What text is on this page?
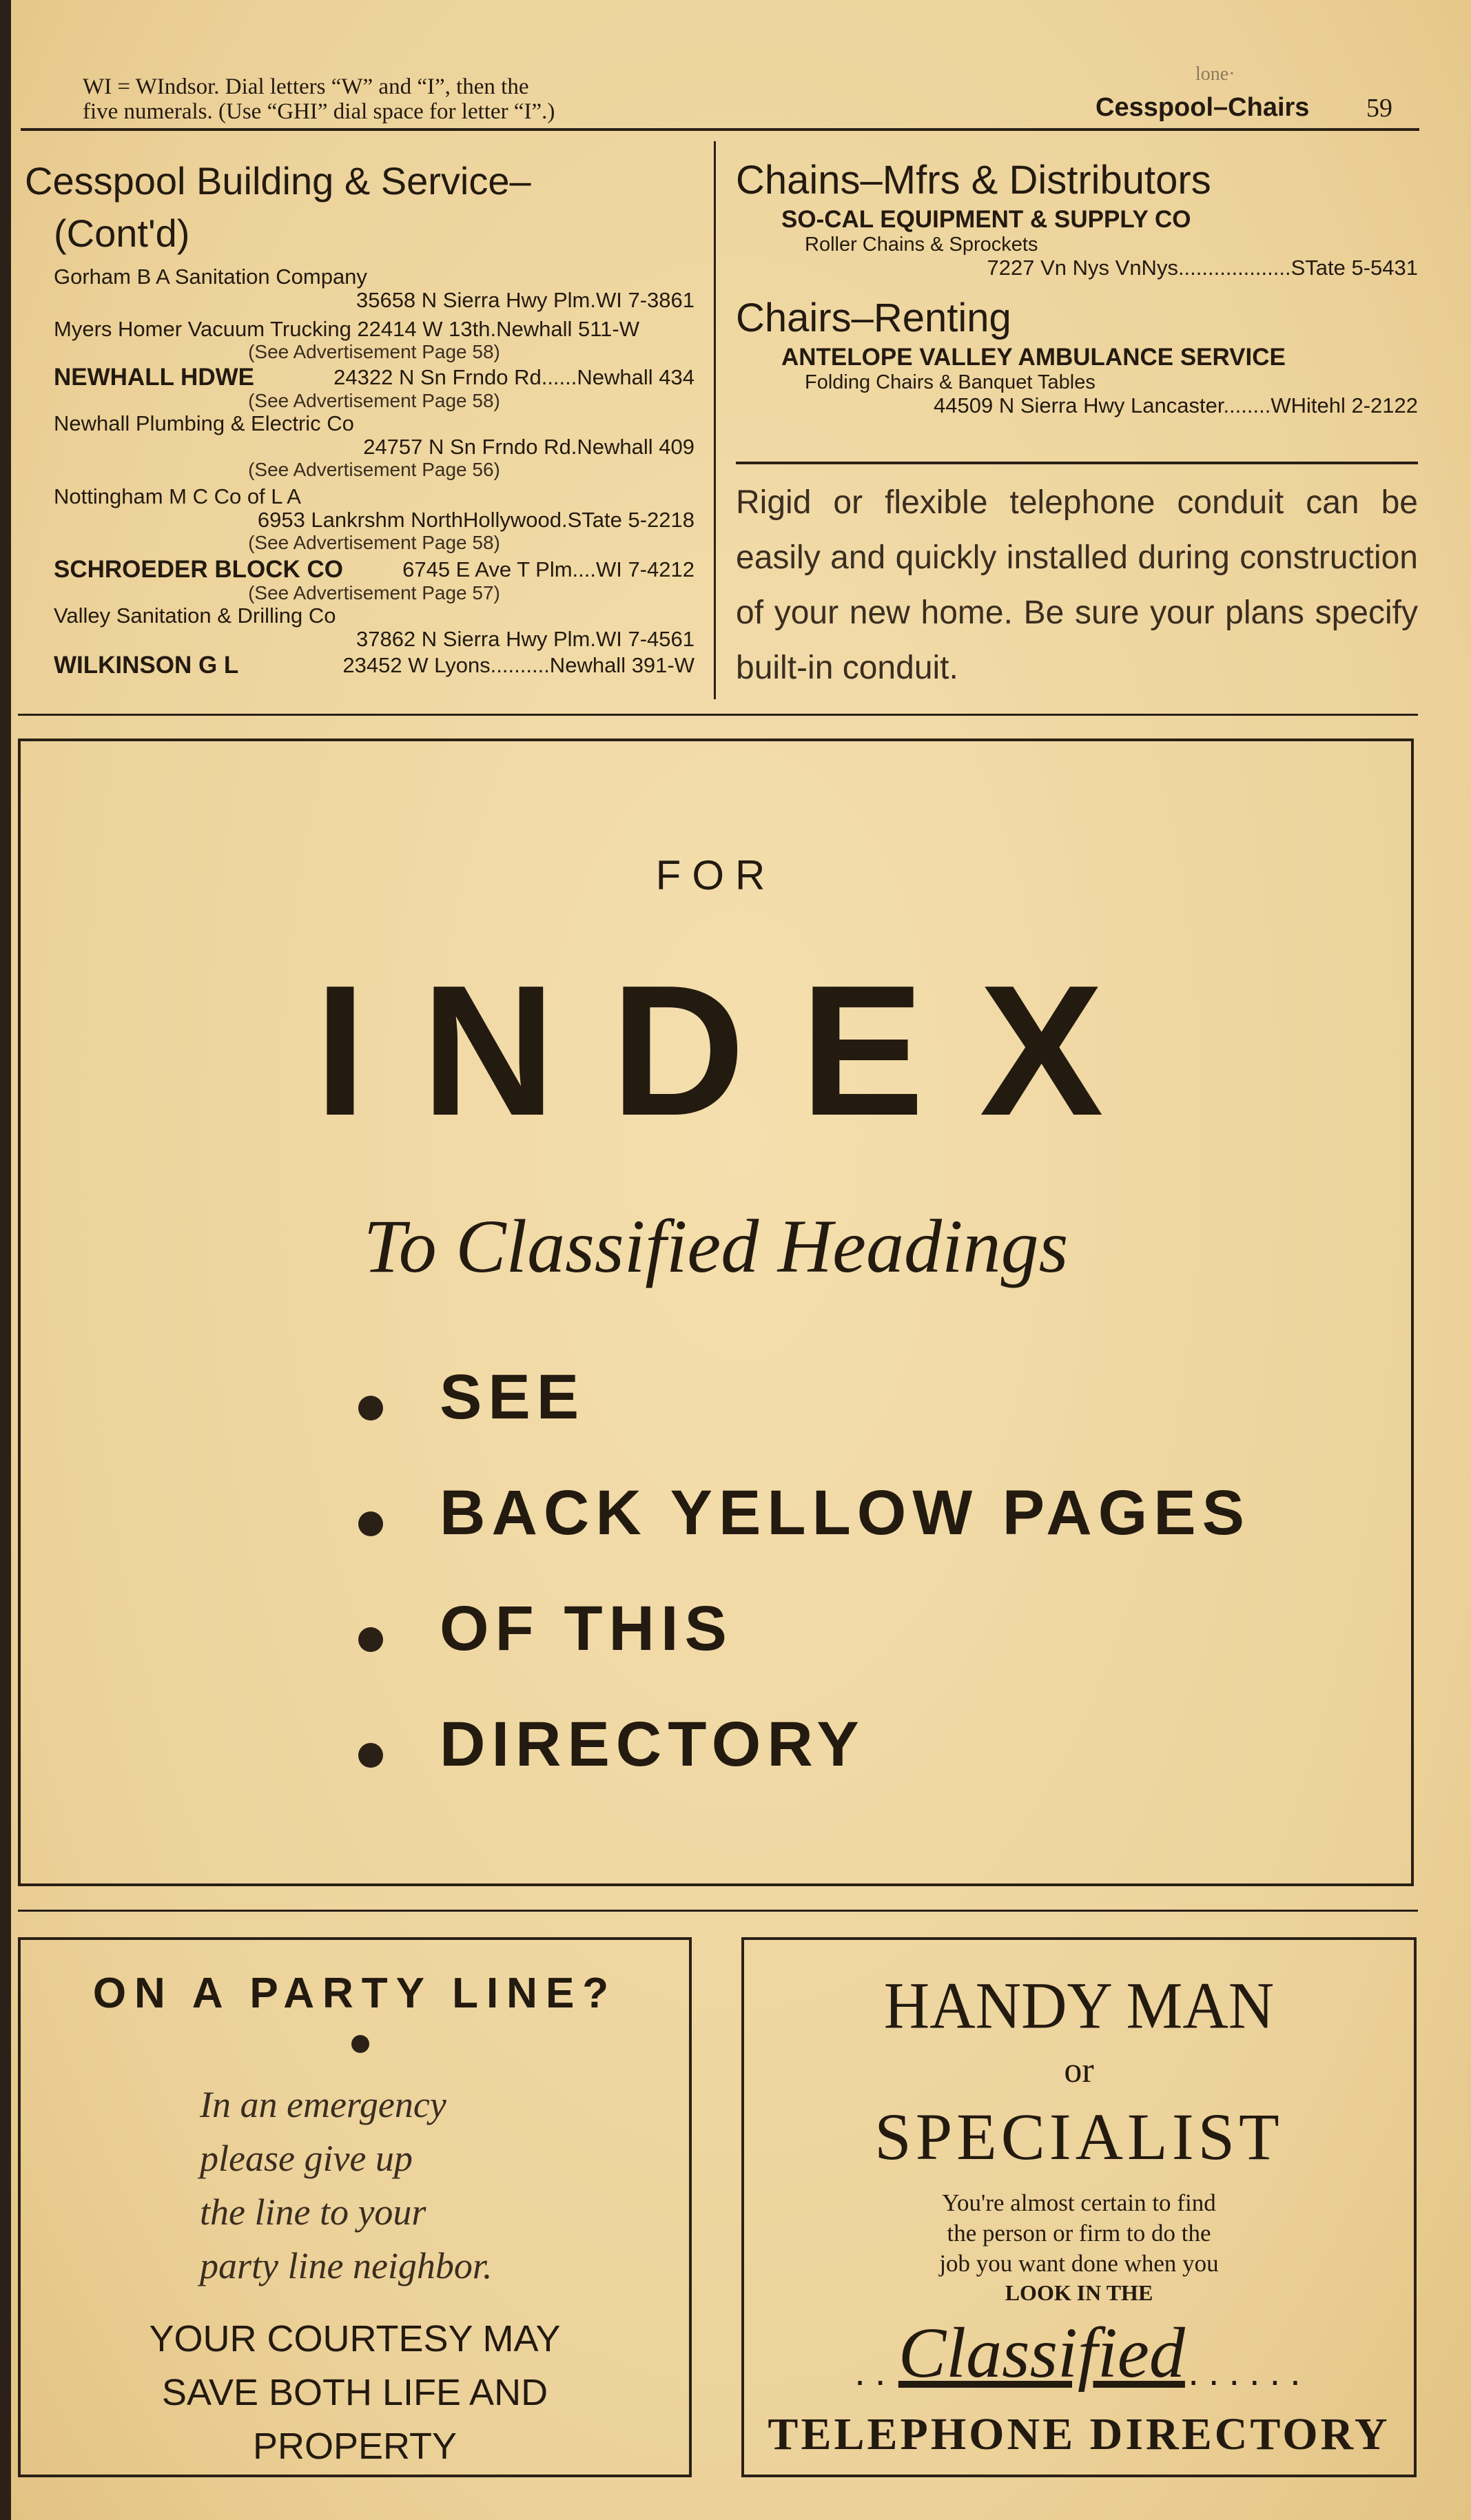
WI = WIndsor. Dial letters “W” and “I”, then the
five numerals. (Use “GHI” dial space for letter “I”.)
lone·
Cesspool–Chairs 59
Cesspool Building & Service–
(Cont'd)
Gorham B A Sanitation Company
35658 N Sierra Hwy Plm.WI 7-3861
Myers Homer Vacuum Trucking 22414 W 13th.Newhall 511-W
(See Advertisement Page 58)
NEWHALL HDWE	24322 N Sn Frndo Rd......Newhall 434
(See Advertisement Page 58)
Newhall Plumbing & Electric Co
24757 N Sn Frndo Rd.Newhall 409
(See Advertisement Page 56)
Nottingham M C Co of L A
6953 Lankrshm NorthHollywood.STate 5-2218
(See Advertisement Page 58)
SCHROEDER BLOCK CO	6745 E Ave T Plm....WI 7-4212
(See Advertisement Page 57)
Valley Sanitation & Drilling Co
37862 N Sierra Hwy Plm.WI 7-4561
WILKINSON G L	23452 W Lyons..........Newhall 391-W
Chains–Mfrs & Distributors
SO-CAL EQUIPMENT & SUPPLY CO
Roller Chains & Sprockets
7227 Vn Nys VnNys...................STate 5-5431
Chairs–Renting
ANTELOPE VALLEY AMBULANCE SERVICE
Folding Chairs & Banquet Tables
44509 N Sierra Hwy Lancaster........WHitehl 2-2122
Rigid or flexible telephone conduit can be easily and quickly installed during construction of your new home. Be sure your plans specify built-in conduit.
FOR
INDEX
To Classified Headings
SEE
BACK YELLOW PAGES
OF THIS
DIRECTORY
ON A PARTY LINE?
In an emergency
please give up
the line to your
party line neighbor.
YOUR COURTESY MAY
SAVE BOTH LIFE AND
PROPERTY
HANDY MAN
or
SPECIALIST
You're almost certain to find
the person or firm to do the
job you want done when you
LOOK IN THE
.. Classified ......
TELEPHONE DIRECTORY
